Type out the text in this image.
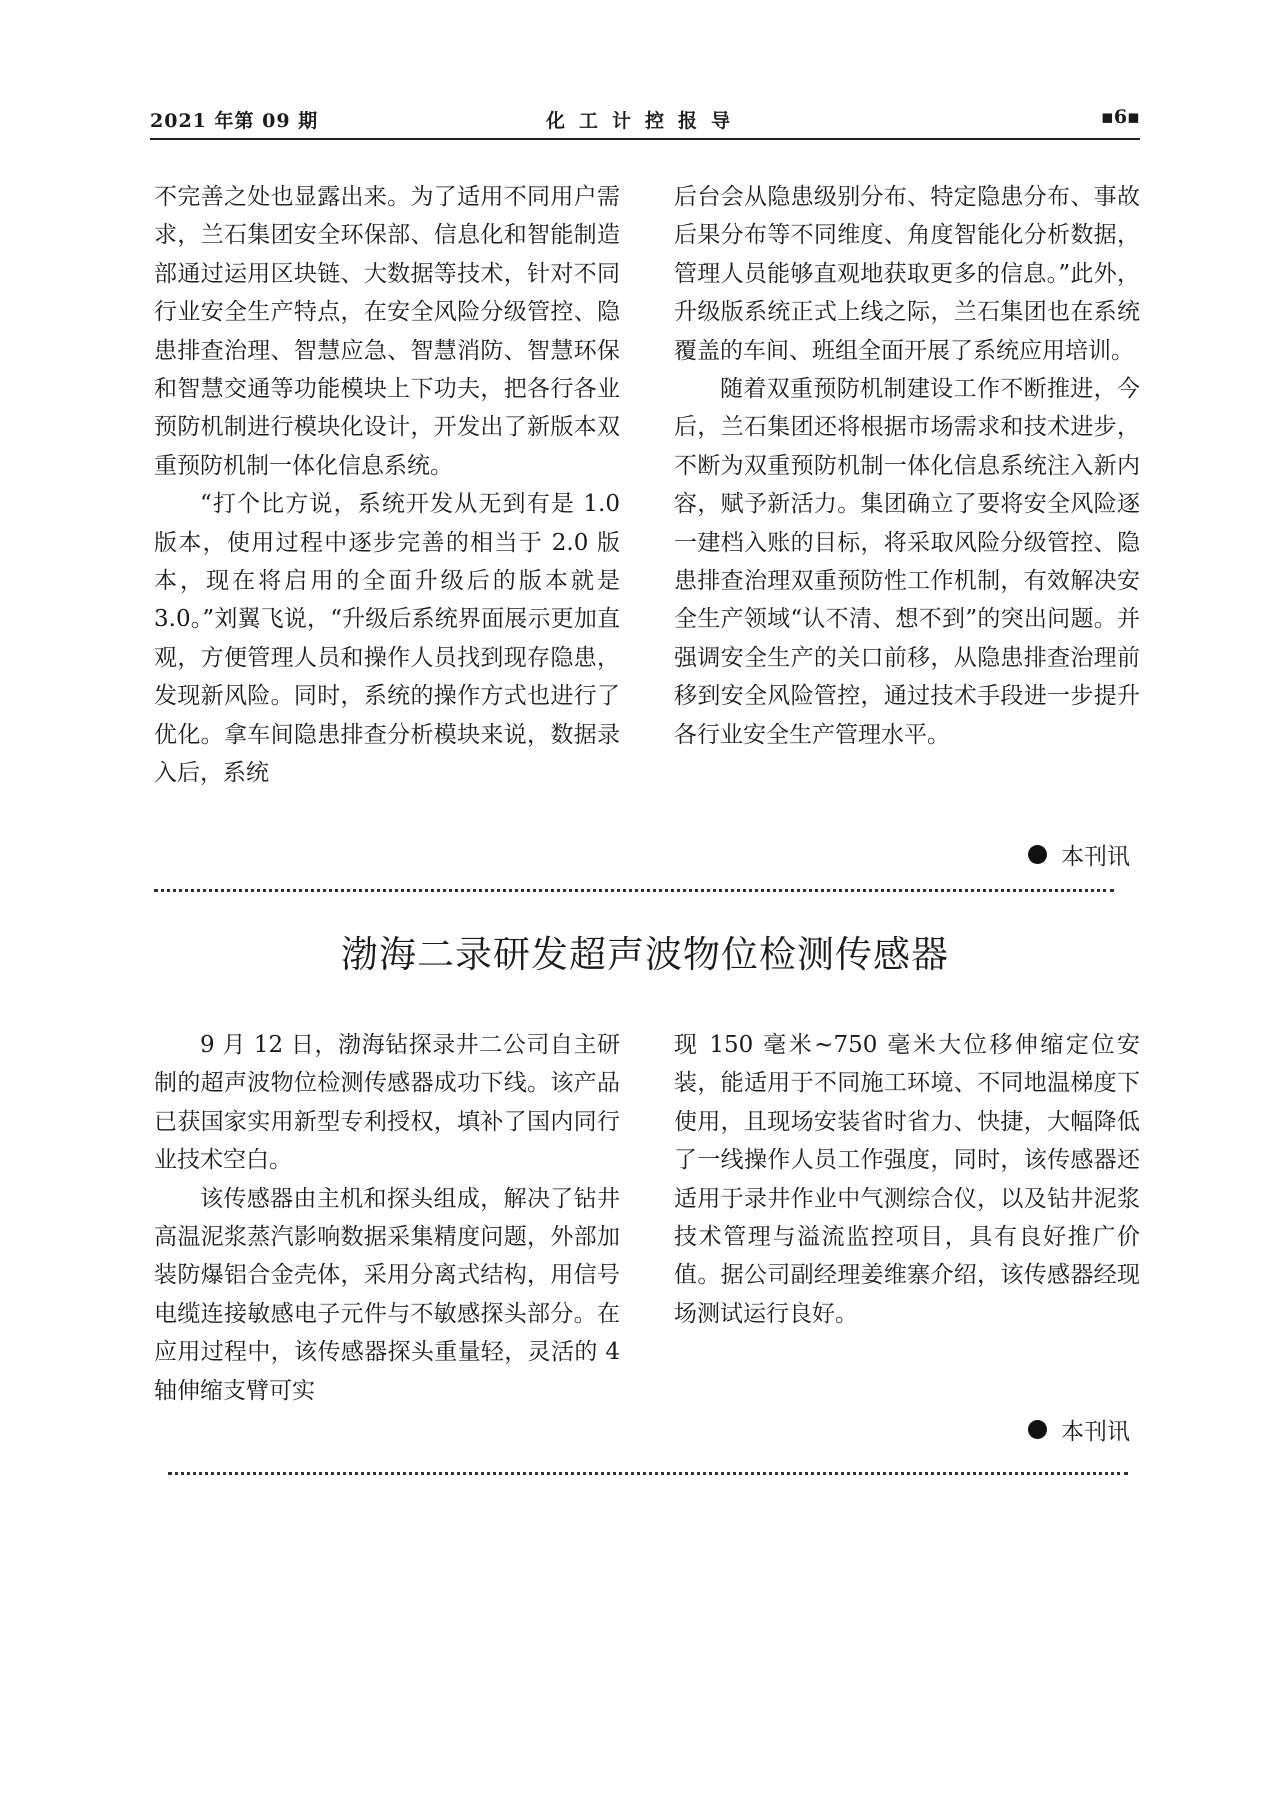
2021 年第 09 期	化工计控报导	▪6▪

不完善之处也显露出来。为了适用不同用户需求，兰石集团安全环保部、信息化和智能制造部通过运用区块链、大数据等技术，针对不同行业安全生产特点，在安全风险分级管控、隐患排查治理、智慧应急、智慧消防、智慧环保和智慧交通等功能模块上下功夫，把各行各业预防机制进行模块化设计，开发出了新版本双重预防机制一体化信息系统。

“打个比方说，系统开发从无到有是 1.0 版本，使用过程中逐步完善的相当于 2.0 版本，现在将启用的全面升级后的版本就是 3.0。”刘翼飞说，“升级后系统界面展示更加直观，方便管理人员和操作人员找到现存隐患，发现新风险。同时，系统的操作方式也进行了优化。拿车间隐患排查分析模块来说，数据录入后，系统

后台会从隐患级别分布、特定隐患分布、事故后果分布等不同维度、角度智能化分析数据，管理人员能够直观地获取更多的信息。”此外，升级版系统正式上线之际，兰石集团也在系统覆盖的车间、班组全面开展了系统应用培训。

随着双重预防机制建设工作不断推进，今后，兰石集团还将根据市场需求和技术进步，不断为双重预防机制一体化信息系统注入新内容，赋予新活力。集团确立了要将安全风险逐一建档入账的目标，将采取风险分级管控、隐患排查治理双重预防性工作机制，有效解决安全生产领域“认不清、想不到”的突出问题。并强调安全生产的关口前移，从隐患排查治理前移到安全风险管控，通过技术手段进一步提升各行业安全生产管理水平。

本刊讯
渤海二录研发超声波物位检测传感器

9 月 12 日，渤海钻探录井二公司自主研制的超声波物位检测传感器成功下线。该产品已获国家实用新型专利授权，填补了国内同行业技术空白。

该传感器由主机和探头组成，解决了钻井高温泥浆蒸汽影响数据采集精度问题，外部加装防爆铝合金壳体，采用分离式结构，用信号电缆连接敏感电子元件与不敏感探头部分。在应用过程中，该传感器探头重量轻，灵活的 4 轴伸缩支臂可实

现 150 毫米~750 毫米大位移伸缩定位安装，能适用于不同施工环境、不同地温梯度下使用，且现场安装省时省力、快捷，大幅降低了一线操作人员工作强度，同时，该传感器还适用于录井作业中气测综合仪，以及钻井泥浆技术管理与溢流监控项目，具有良好推广价值。据公司副经理姜维寨介绍，该传感器经现场测试运行良好。

本刊讯
